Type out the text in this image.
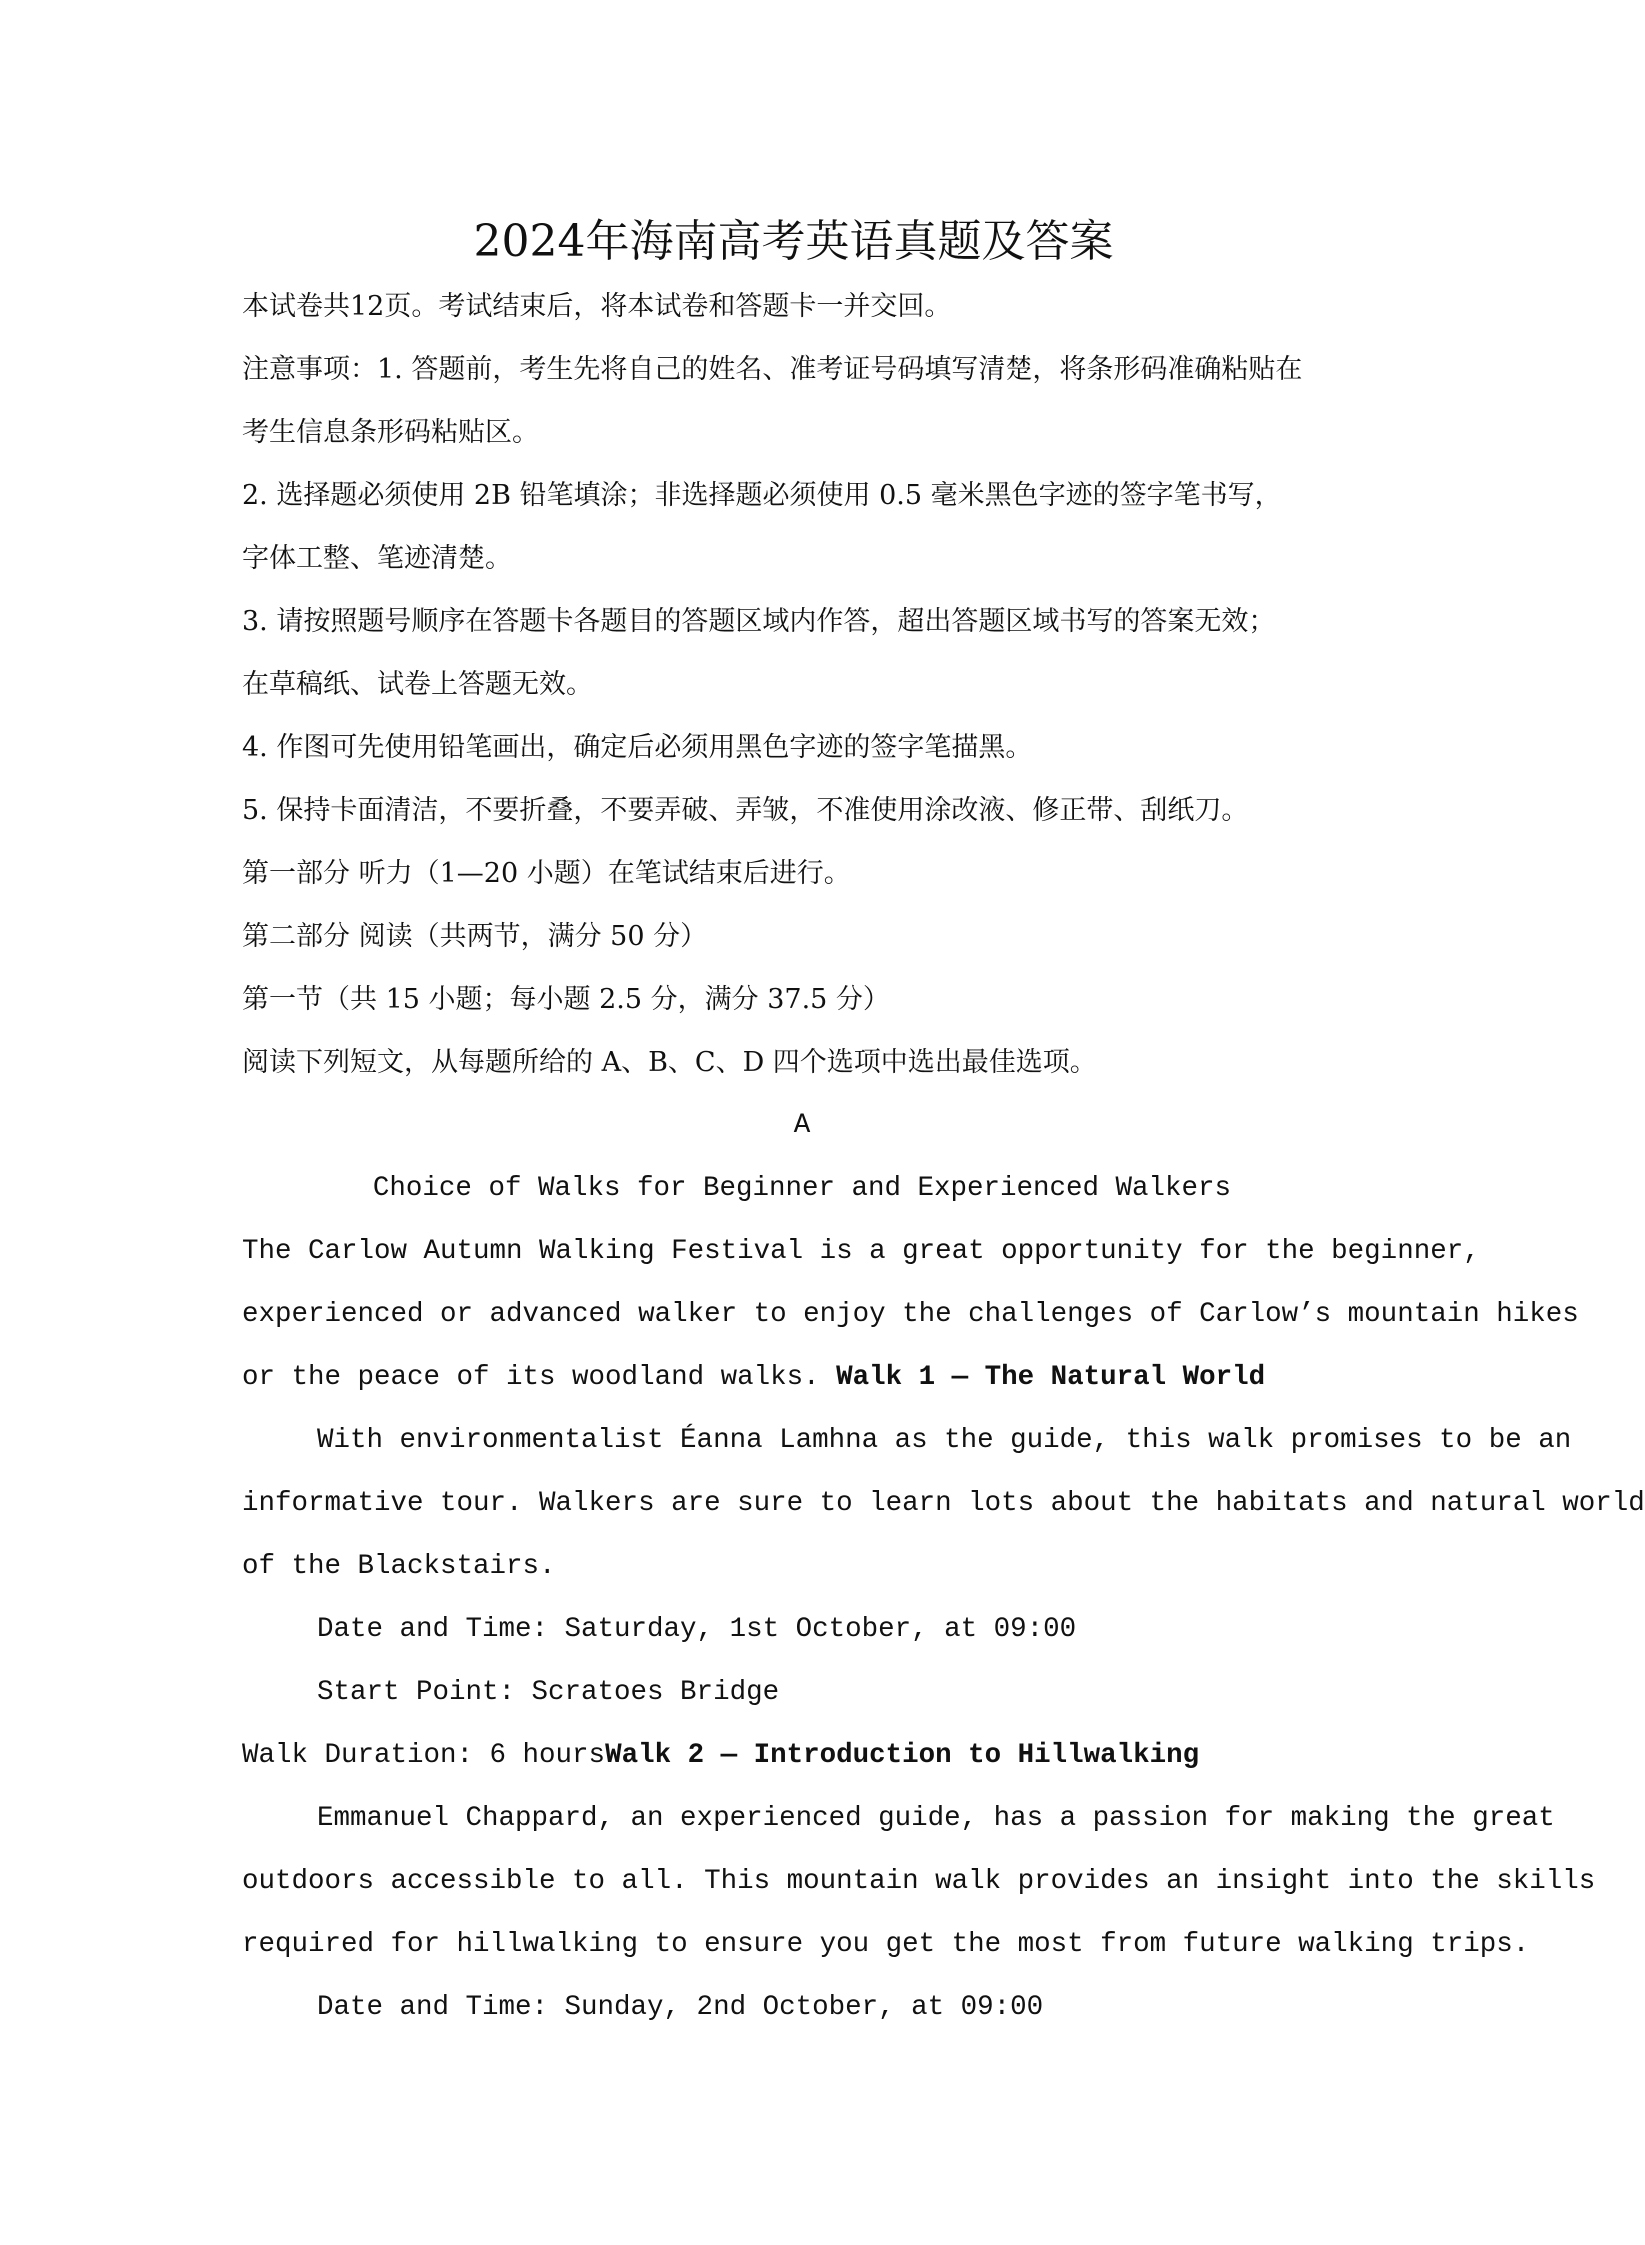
2024年海南高考英语真题及答案
本试卷共12页。考试结束后，将本试卷和答题卡一并交回。
注意事项：1. 答题前，考生先将自己的姓名、准考证号码填写清楚，将条形码准确粘贴在
考生信息条形码粘贴区。
2. 选择题必须使用 2B 铅笔填涂；非选择题必须使用 0.5 毫米黑色字迹的签字笔书写，
字体工整、笔迹清楚。
3. 请按照题号顺序在答题卡各题目的答题区域内作答，超出答题区域书写的答案无效；
在草稿纸、试卷上答题无效。
4. 作图可先使用铅笔画出，确定后必须用黑色字迹的签字笔描黑。
5. 保持卡面清洁，不要折叠，不要弄破、弄皱，不准使用涂改液、修正带、刮纸刀。
第一部分 听力（1—20 小题）在笔试结束后进行。
第二部分 阅读（共两节，满分 50 分）
第一节（共 15 小题；每小题 2.5 分，满分 37.5 分）
阅读下列短文，从每题所给的 A、B、C、D 四个选项中选出最佳选项。
A
Choice of Walks for Beginner and Experienced Walkers
The Carlow Autumn Walking Festival is a great opportunity for the beginner,
experienced or advanced walker to enjoy the challenges of Carlow’s mountain hikes
or the peace of its woodland walks. Walk 1 — The Natural World
With environmentalist Éanna Lamhna as the guide, this walk promises to be an
informative tour. Walkers are sure to learn lots about the habitats and natural world
of the Blackstairs.
Date and Time: Saturday, 1st October, at 09:00
Start Point: Scratoes Bridge
Walk Duration: 6 hoursWalk 2 — Introduction to Hillwalking
Emmanuel Chappard, an experienced guide, has a passion for making the great
outdoors accessible to all. This mountain walk provides an insight into the skills
required for hillwalking to ensure you get the most from future walking trips.
Date and Time: Sunday, 2nd October, at 09:00
